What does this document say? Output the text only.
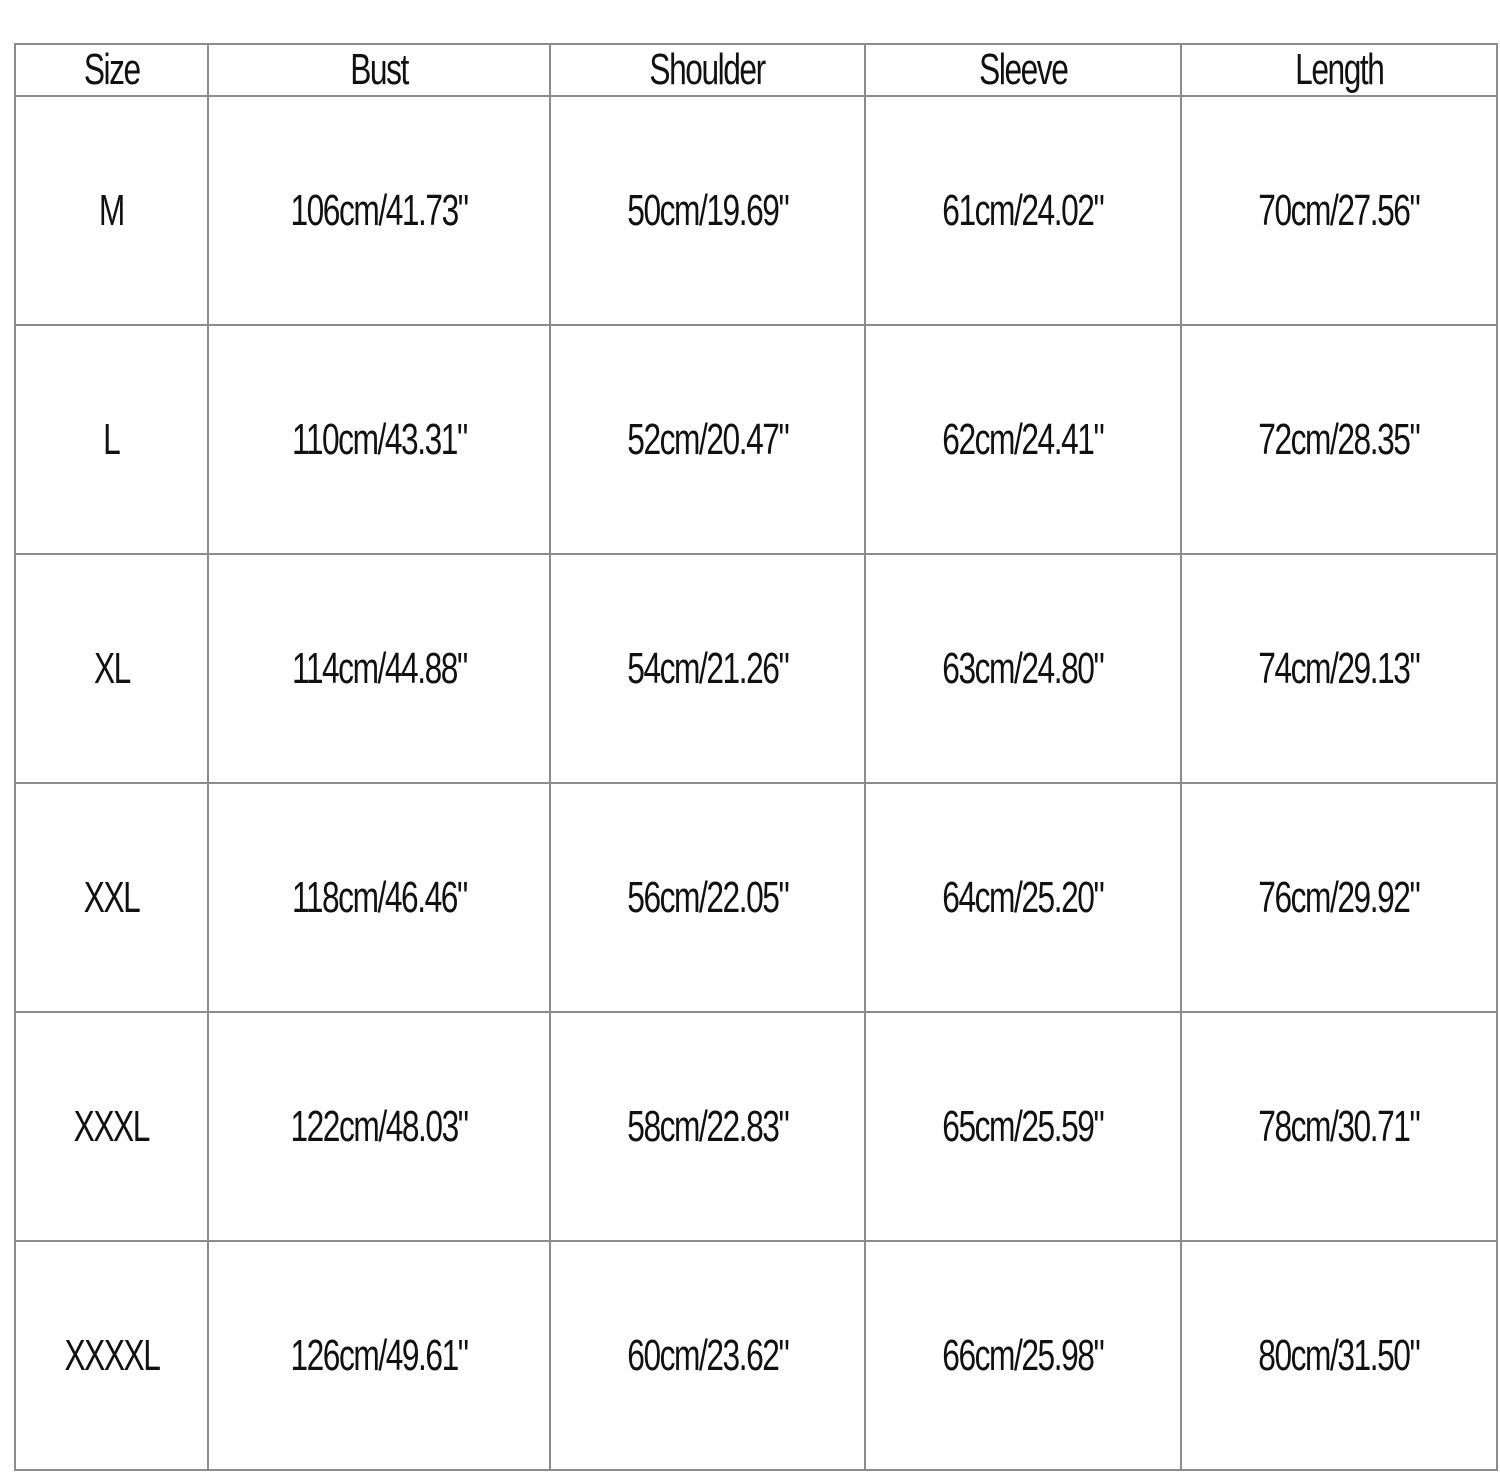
Size	Bust	Shoulder	Sleeve	Length
M	106cm/41.73"	50cm/19.69"	61cm/24.02"	70cm/27.56"
L	110cm/43.31"	52cm/20.47"	62cm/24.41"	72cm/28.35"
XL	114cm/44.88"	54cm/21.26"	63cm/24.80"	74cm/29.13"
XXL	118cm/46.46"	56cm/22.05"	64cm/25.20"	76cm/29.92"
XXXL	122cm/48.03"	58cm/22.83"	65cm/25.59"	78cm/30.71"
XXXXL	126cm/49.61"	60cm/23.62"	66cm/25.98"	80cm/31.50"
